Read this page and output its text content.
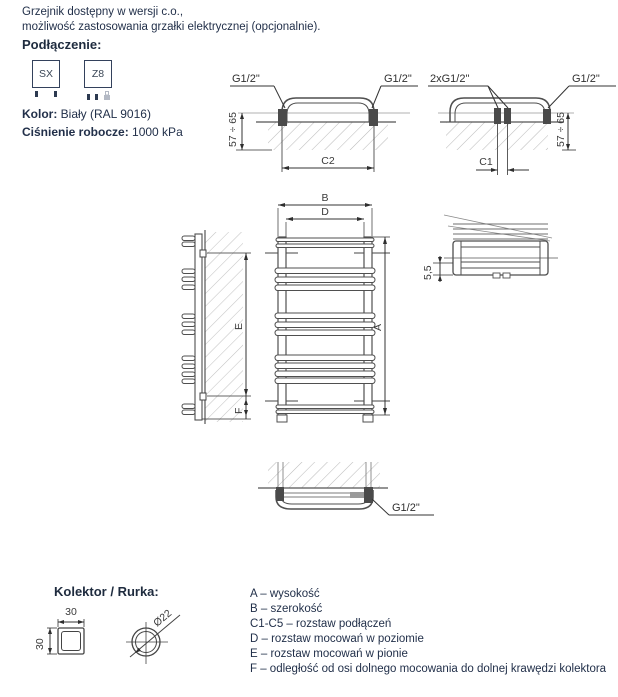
Grzejnik dostępny w wersji c.o.,
możliwość zastosowania grzałki elektrycznej (opcjonalnie).
Podłączenie:
SX	Z8
Kolor: Biały (RAL 9016)
Ciśnienie robocze: 1000 kPa
G1/2"	G1/2"
57 ÷ 65
C2
2xG1/2"	G1/2"
C1
57 ÷ 65
E
F
B
D
A
5,5
G1/2"
Kolektor / Rurka:
30
30
Ø22
A – wysokość
B – szerokość
C1-C5 – rozstaw podłączeń
D – rozstaw mocowań w poziomie
E – rozstaw mocowań w pionie
F – odległość od osi dolnego mocowania do dolnej krawędzi kolektora
